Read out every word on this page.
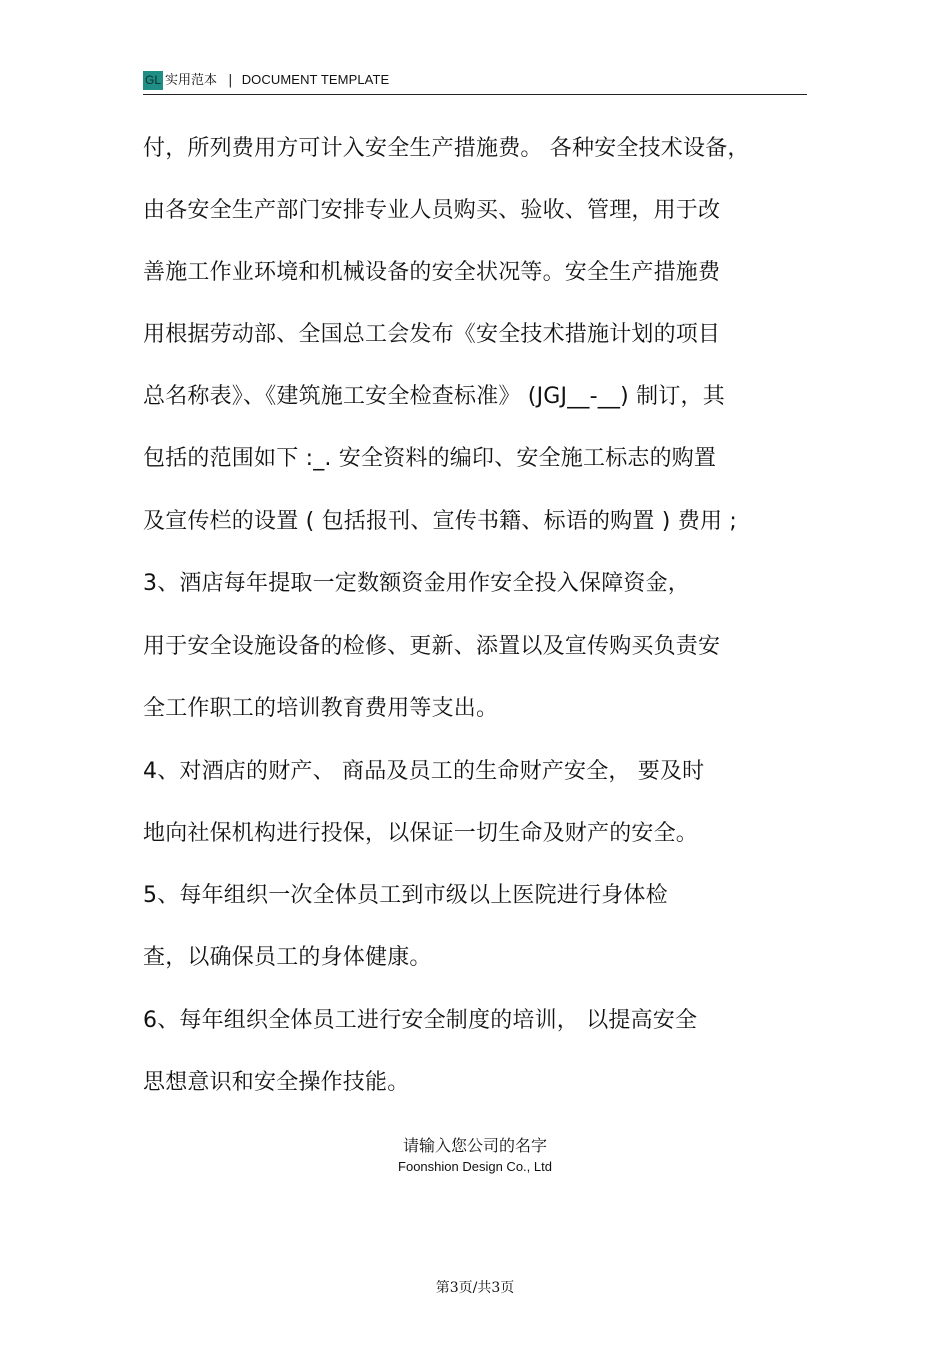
GL 实用范本 | DOCUMENT TEMPLATE
付，所列费用方可计入安全生产措施费。 各种安全技术设备，
由各安全生产部门安排专业人员购买、验收、管理，用于改
善施工作业环境和机械设备的安全状况等。安全生产措施费
用根据劳动部、全国总工会发布《安全技术措施计划的项目
总名称表》、《建筑施工安全检查标准》 (JGJ__-__) 制订，其
包括的范围如下 :_. 安全资料的编印、安全施工标志的购置
及宣传栏的设置 ( 包括报刊、宣传书籍、标语的购置 ) 费用 ;
3、酒店每年提取一定数额资金用作安全投入保障资金，
用于安全设施设备的检修、更新、添置以及宣传购买负责安
全工作职工的培训教育费用等支出。
4、对酒店的财产、 商品及员工的生命财产安全， 要及时
地向社保机构进行投保，以保证一切生命及财产的安全。
5、每年组织一次全体员工到市级以上医院进行身体检
查，以确保员工的身体健康。
6、每年组织全体员工进行安全制度的培训， 以提高安全
思想意识和安全操作技能。
请输入您公司的名字
Foonshion Design Co., Ltd
第3页/共3页
